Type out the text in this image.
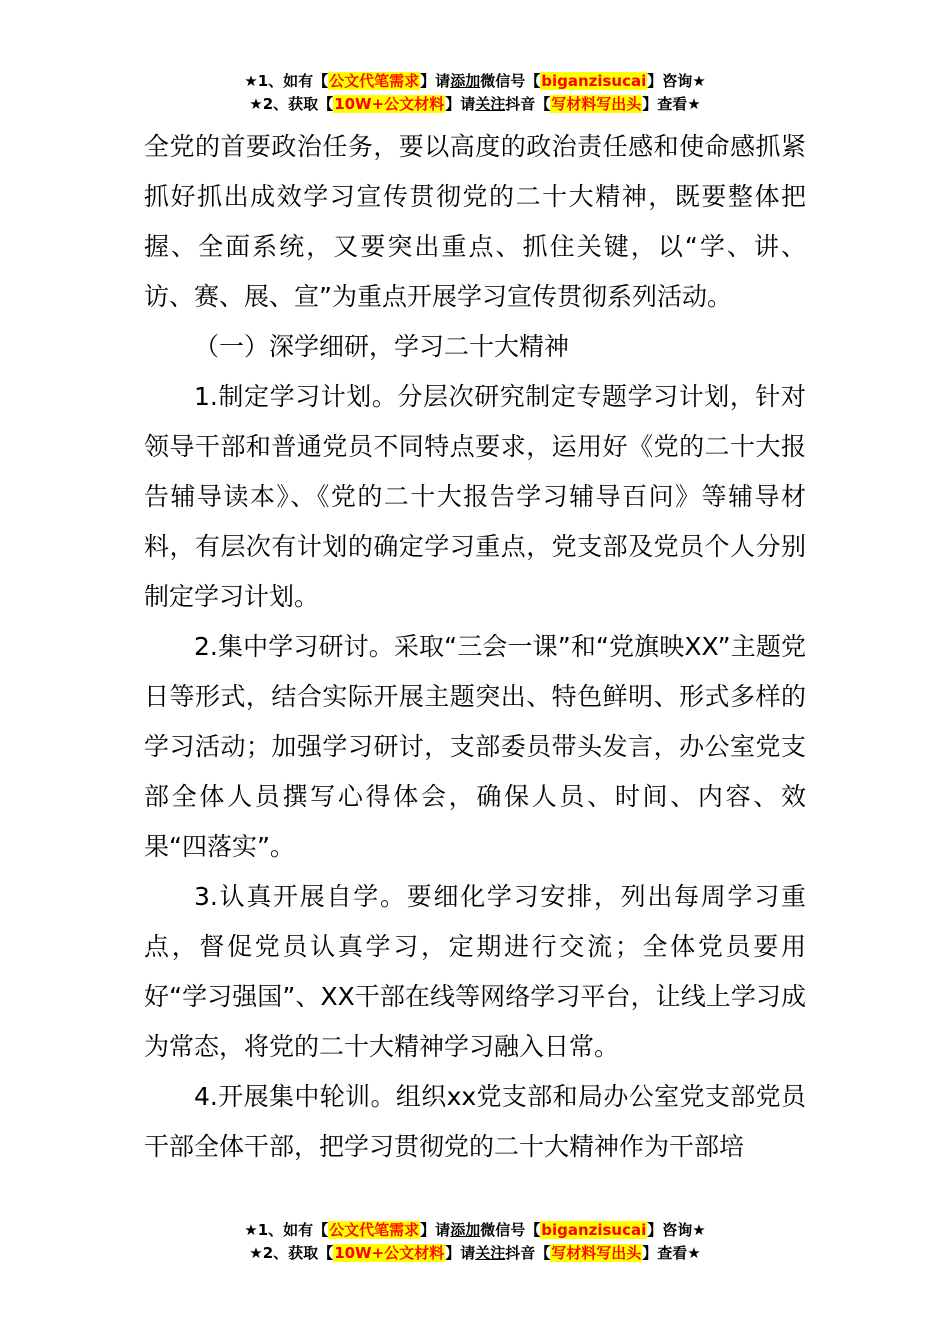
★1、如有【公文代笔需求】请添加微信号【biganzisucai】咨询★
★2、获取【10W+公文材料】请关注抖音【写材料写出头】查看★

全党的首要政治任务，要以高度的政治责任感和使命感抓紧抓好抓出成效学习宣传贯彻党的二十大精神，既要整体把握、全面系统，又要突出重点、抓住关键，以“学、讲、访、赛、展、宣”为重点开展学习宣传贯彻系列活动。

（一）深学细研，学习二十大精神

1.制定学习计划。分层次研究制定专题学习计划，针对领导干部和普通党员不同特点要求，运用好《党的二十大报告辅导读本》、《党的二十大报告学习辅导百问》等辅导材料，有层次有计划的确定学习重点，党支部及党员个人分别制定学习计划。

2.集中学习研讨。采取“三会一课”和“党旗映XX”主题党日等形式，结合实际开展主题突出、特色鲜明、形式多样的学习活动；加强学习研讨，支部委员带头发言，办公室党支部全体人员撰写心得体会，确保人员、时间、内容、效果“四落实”。

3.认真开展自学。要细化学习安排，列出每周学习重点，督促党员认真学习，定期进行交流；全体党员要用好“学习强国”、XX干部在线等网络学习平台，让线上学习成为常态，将党的二十大精神学习融入日常。

4.开展集中轮训。组织xx党支部和局办公室党支部党员干部全体干部，把学习贯彻党的二十大精神作为干部培

★1、如有【公文代笔需求】请添加微信号【biganzisucai】咨询★
★2、获取【10W+公文材料】请关注抖音【写材料写出头】查看★
